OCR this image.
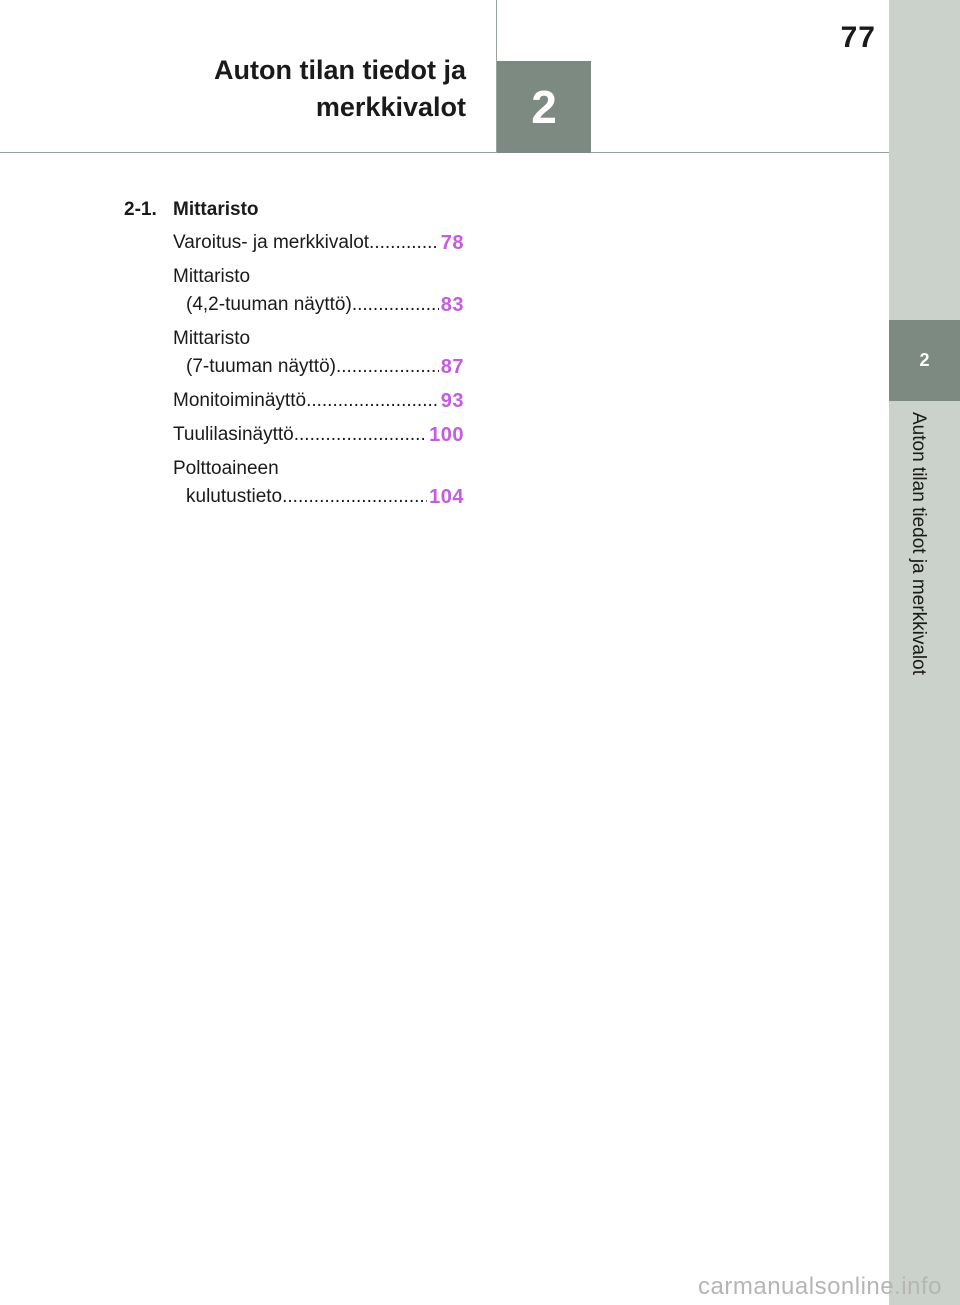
2
Auton tilan tiedot ja merkkivalot
77
2
Auton tilan tiedot ja
merkkivalot
2-1. Mittaristo
Varoitus- ja merkkivalot .....	78
Mittaristo
(4,2-tuuman näyttö) .....	83
Mittaristo
(7-tuuman näyttö) .....	87
Monitoiminäyttö .....	93
Tuulilasinäyttö .....	100
Polttoaineen
kulutustieto .....	104
carmanualsonline.info
